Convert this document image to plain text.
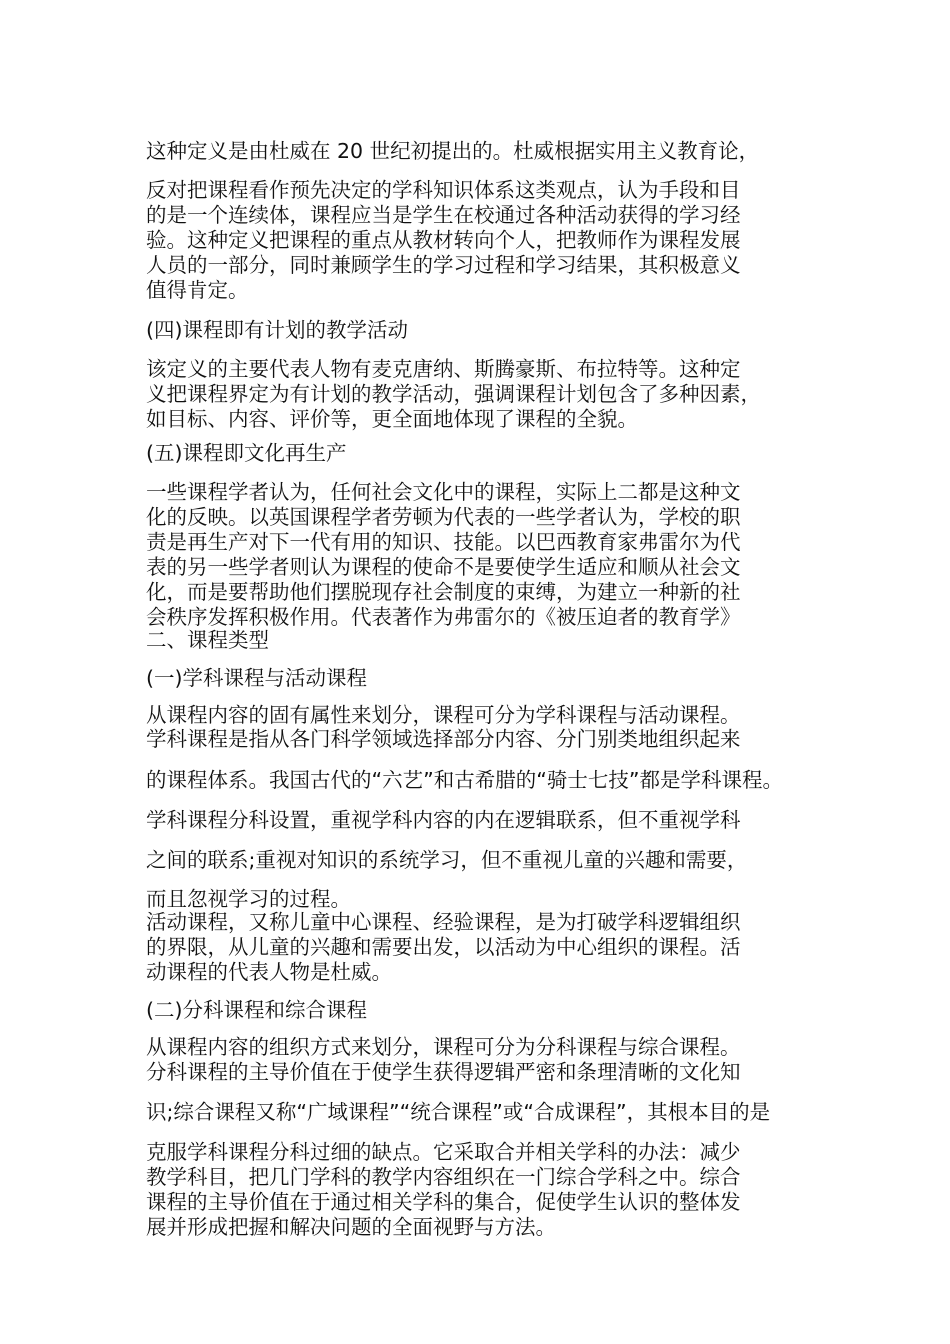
这种定义是由杜威在 20 世纪初提出的。杜威根据实用主义教育论，

反对把课程看作预先决定的学科知识体系这类观点，认为手段和目

的是一个连续体，课程应当是学生在校通过各种活动获得的学习经

验。这种定义把课程的重点从教材转向个人，把教师作为课程发展

人员的一部分，同时兼顾学生的学习过程和学习结果，其积极意义

值得肯定。

(四)课程即有计划的教学活动

该定义的主要代表人物有麦克唐纳、斯腾豪斯、布拉特等。这种定

义把课程界定为有计划的教学活动，强调课程计划包含了多种因素，

如目标、内容、评价等，更全面地体现了课程的全貌。

(五)课程即文化再生产

一些课程学者认为，任何社会文化中的课程，实际上二都是这种文

化的反映。以英国课程学者劳顿为代表的一些学者认为，学校的职

责是再生产对下一代有用的知识、技能。以巴西教育家弗雷尔为代

表的另一些学者则认为课程的使命不是要使学生适应和顺从社会文

化，而是要帮助他们摆脱现存社会制度的束缚，为建立一种新的社

会秩序发挥积极作用。代表著作为弗雷尔的《被压迫者的教育学》

二、课程类型

(一)学科课程与活动课程

从课程内容的固有属性来划分，课程可分为学科课程与活动课程。

学科课程是指从各门科学领域选择部分内容、分门别类地组织起来

的课程体系。我国古代的“六艺”和古希腊的“骑士七技”都是学科课程。

学科课程分科设置，重视学科内容的内在逻辑联系，但不重视学科

之间的联系;重视对知识的系统学习，但不重视儿童的兴趣和需要，

而且忽视学习的过程。

活动课程，又称儿童中心课程、经验课程，是为打破学科逻辑组织

的界限，从儿童的兴趣和需要出发，以活动为中心组织的课程。活

动课程的代表人物是杜威。

(二)分科课程和综合课程

从课程内容的组织方式来划分，课程可分为分科课程与综合课程。

分科课程的主导价值在于使学生获得逻辑严密和条理清晰的文化知

识;综合课程又称“广域课程”“统合课程”或“合成课程”，其根本目的是

克服学科课程分科过细的缺点。它采取合并相关学科的办法：减少

教学科目，把几门学科的教学内容组织在一门综合学科之中。综合

课程的主导价值在于通过相关学科的集合，促使学生认识的整体发

展并形成把握和解决问题的全面视野与方法。
